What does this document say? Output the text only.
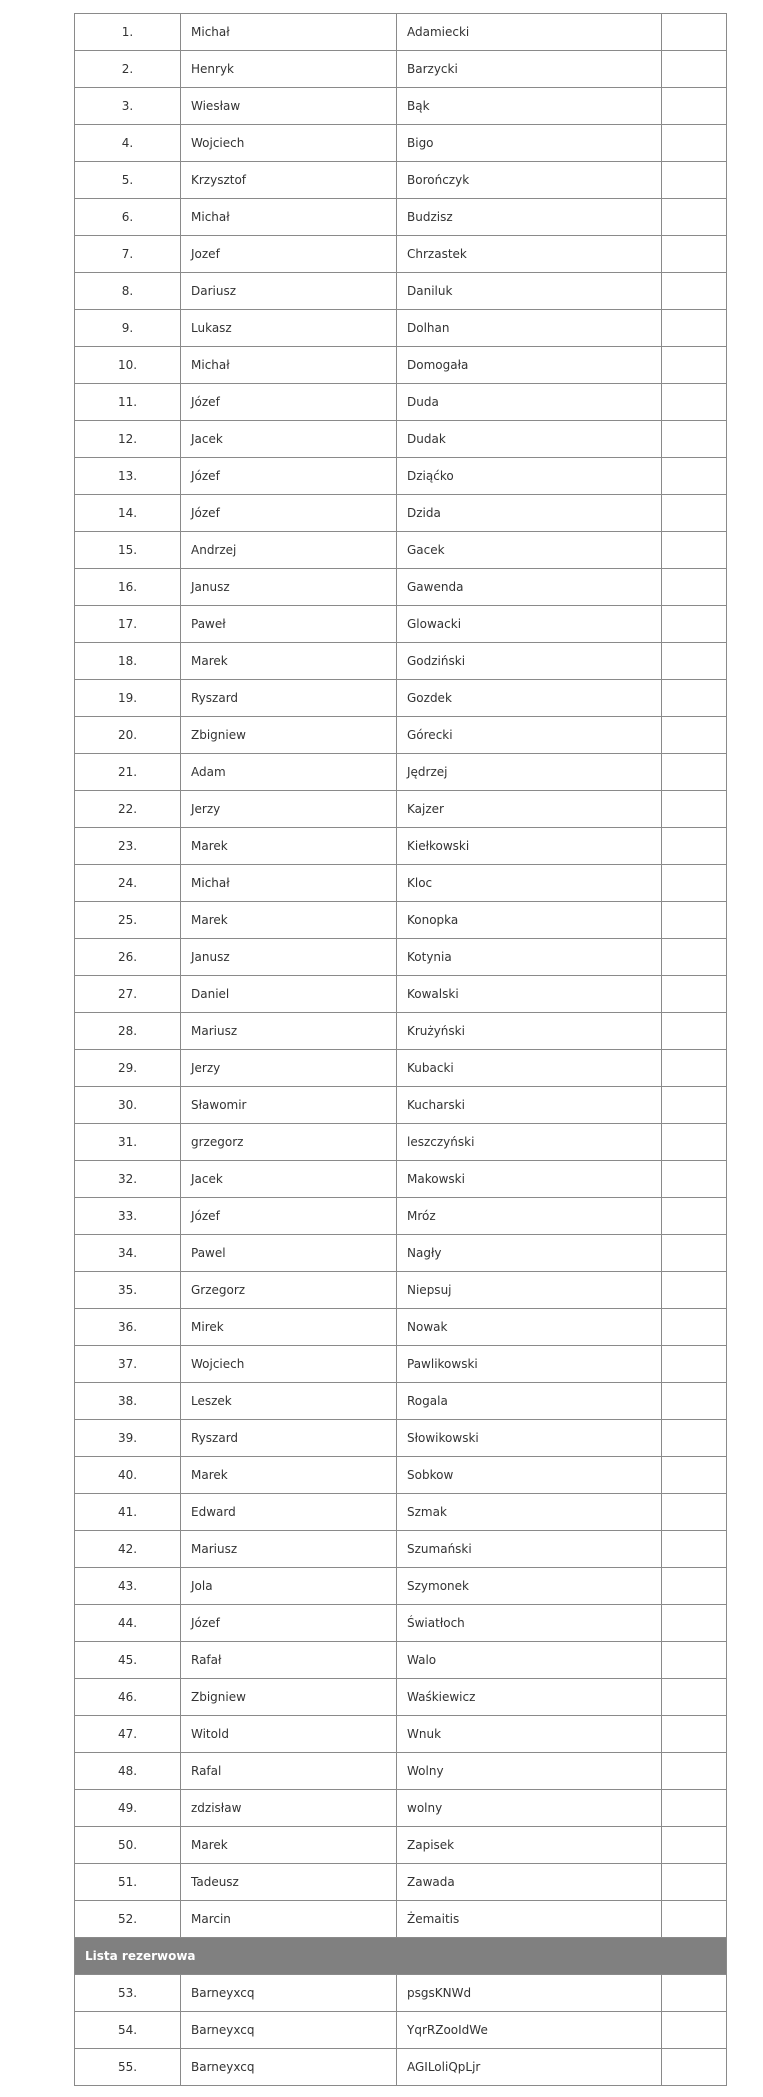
1.	Michał	Adamiecki	
2.	Henryk	Barzycki	
3.	Wiesław	Bąk	
4.	Wojciech	Bigo	
5.	Krzysztof	Borończyk	
6.	Michał	Budzisz	
7.	Jozef	Chrzastek	
8.	Dariusz	Daniluk	
9.	Lukasz	Dolhan	
10.	Michał	Domogała	
11.	Józef	Duda	
12.	Jacek	Dudak	
13.	Józef	Dziąćko	
14.	Józef	Dzida	
15.	Andrzej	Gacek	
16.	Janusz	Gawenda	
17.	Paweł	Glowacki	
18.	Marek	Godziński	
19.	Ryszard	Gozdek	
20.	Zbigniew	Górecki	
21.	Adam	Jędrzej	
22.	Jerzy	Kajzer	
23.	Marek	Kiełkowski	
24.	Michał	Kloc	
25.	Marek	Konopka	
26.	Janusz	Kotynia	
27.	Daniel	Kowalski	
28.	Mariusz	Krużyński	
29.	Jerzy	Kubacki	
30.	Sławomir	Kucharski	
31.	grzegorz	leszczyński	
32.	Jacek	Makowski	
33.	Józef	Mróz	
34.	Pawel	Nagły	
35.	Grzegorz	Niepsuj	
36.	Mirek	Nowak	
37.	Wojciech	Pawlikowski	
38.	Leszek	Rogala	
39.	Ryszard	Słowikowski	
40.	Marek	Sobkow	
41.	Edward	Szmak	
42.	Mariusz	Szumański	
43.	Jola	Szymonek	
44.	Józef	Światłoch	
45.	Rafał	Walo	
46.	Zbigniew	Waśkiewicz	
47.	Witold	Wnuk	
48.	Rafal	Wolny	
49.	zdzisław	wolny	
50.	Marek	Zapisek	
51.	Tadeusz	Zawada	
52.	Marcin	Żemaitis	
Lista rezerwowa			
53.	Barneyxcq	psgsKNWd	
54.	Barneyxcq	YqrRZooIdWe	
55.	Barneyxcq	AGILoliQpLjr	
